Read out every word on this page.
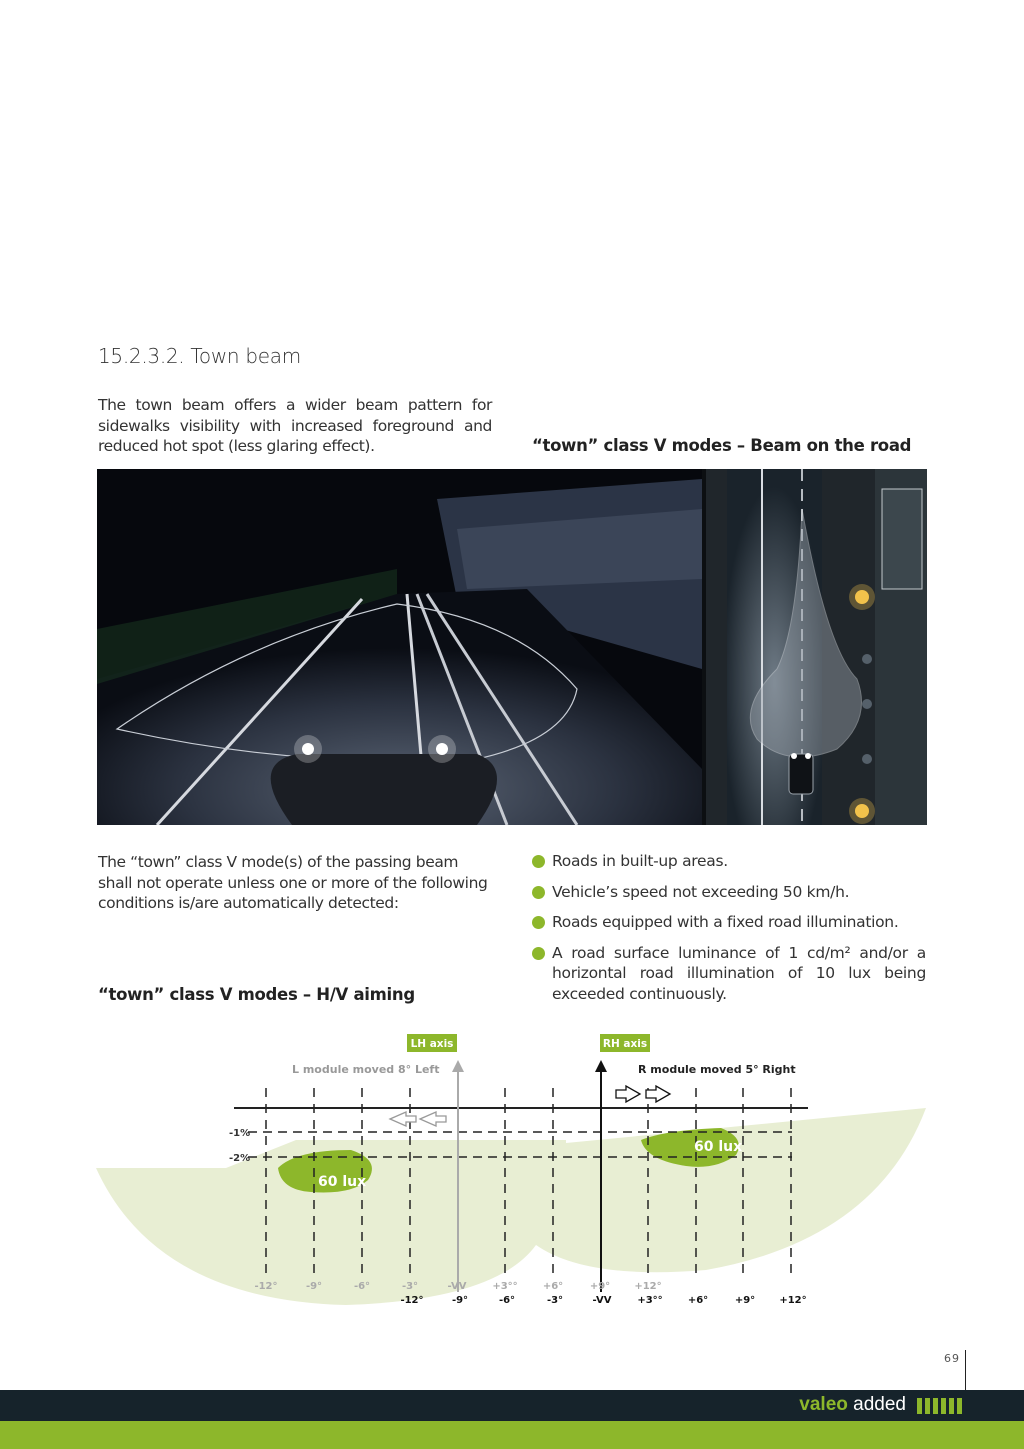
15.2.3.2. Town beam

The town beam offers a wider beam pattern for sidewalks visibility with increased foreground and reduced hot spot (less glaring effect).	“town” class V modes – Beam on the road

The “town” class V mode(s) of the passing beam shall not operate unless one or more of the following conditions is/are automatically detected:

Roads in built-up areas.
Vehicle’s speed not exceeding 50 km/h.
Roads equipped with a fixed road illumination.
A road surface luminance of 1 cd/m² and/or a horizontal road illumination of 10 lux being exceeded continuously.
“town” class V modes – H/V aiming
LH axis	RH axis
L module moved 8° Left	R module moved 5° Right
-1%
-2%
60 lux
60 lux
-12°	-9°	-6°	-3°	-VV	+3°°	+6°	+9° +12°
-12°	-9°	-6°	-3°	-VV	+3°°	+6°	+9° +12°
69
valeo added
